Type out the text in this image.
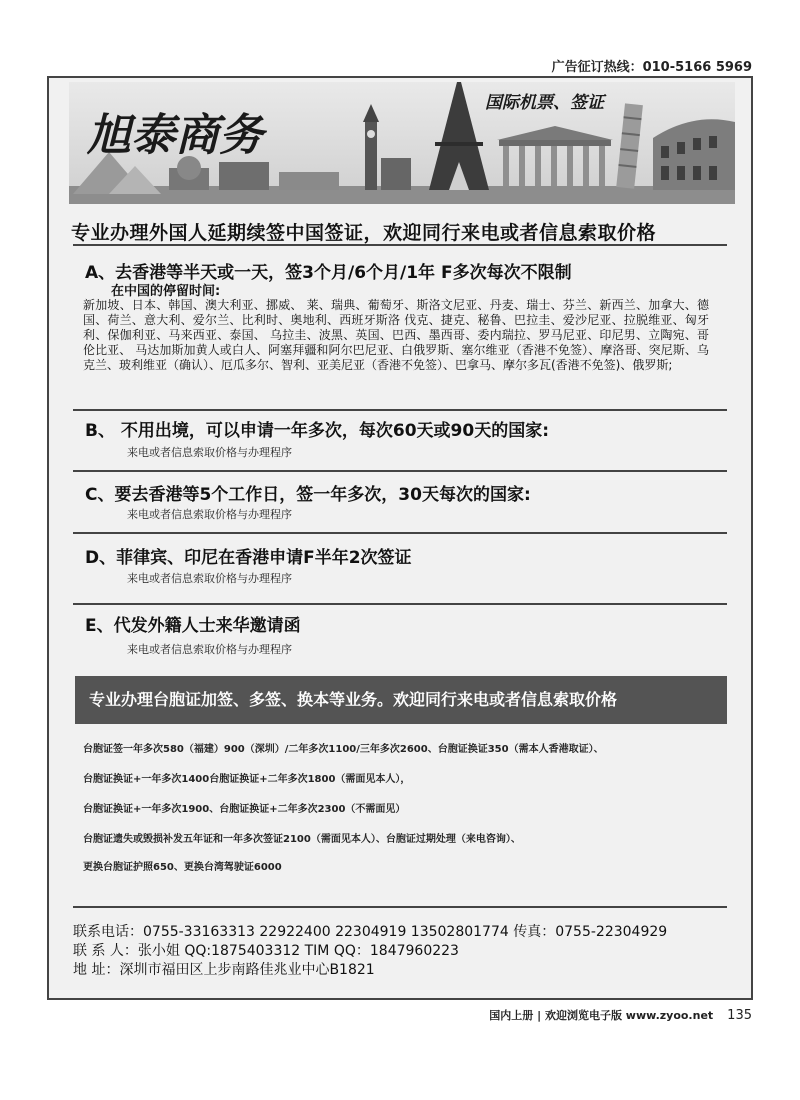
广告征订热线：010-5166 5969
旭泰商务
国际机票、签证
专业办理外国人延期续签中国签证，欢迎同行来电或者信息索取价格
A、去香港等半天或一天，签3个月/6个月/1年 F多次每次不限制
在中国的停留时间:
新加坡、日本、韩国、澳大利亚、挪威、 莱、瑞典、葡萄牙、斯洛文尼亚、丹麦、瑞士、芬兰、新西兰、加拿大、德国、荷兰、意大利、爱尔兰、比利时、奥地利、西班牙斯洛 伐克、捷克、秘鲁、巴拉圭、爱沙尼亚、拉脱维亚、匈牙利、保伽利亚、马来西亚、泰国、 乌拉圭、波黑、英国、巴西、墨西哥、委内瑞拉、罗马尼亚、印尼男、立陶宛、哥伦比亚、 马达加斯加黄人或白人、阿塞拜疆和阿尔巴尼亚、白俄罗斯、塞尔维亚（香港不免签）、摩洛哥、突尼斯、乌克兰、玻利维亚（确认）、厄瓜多尔、智利、亚美尼亚（香港不免签）、巴拿马、摩尔多瓦(香港不免签)、俄罗斯;
B、 不用出境，可以申请一年多次，每次60天或90天的国家:
来电或者信息索取价格与办理程序
C、要去香港等5个工作日，签一年多次，30天每次的国家:
来电或者信息索取价格与办理程序
D、菲律宾、印尼在香港申请F半年2次签证
来电或者信息索取价格与办理程序
E、代发外籍人士来华邀请函
来电或者信息索取价格与办理程序
专业办理台胞证加签、多签、换本等业务。欢迎同行来电或者信息索取价格
台胞证签一年多次580（福建）900（深圳）/二年多次1100/三年多次2600、台胞证换证350（需本人香港取证）、
台胞证换证+一年多次1400台胞证换证+二年多次1800（需面见本人），
台胞证换证+一年多次1900、台胞证换证+二年多次2300（不需面见）
台胞证遗失或毁损补发五年证和一年多次签证2100（需面见本人）、台胞证过期处理（来电咨询）、
更换台胞证护照650、更换台湾驾驶证6000
联系电话：0755-33163313 22922400 22304919 13502801774 传真：0755-22304929
联 系 人：张小姐 QQ:1875403312 TIM QQ：1847960223
地 址：深圳市福田区上步南路佳兆业中心B1821
国内上册 | 欢迎浏览电子版 www.zyoo.net 135
